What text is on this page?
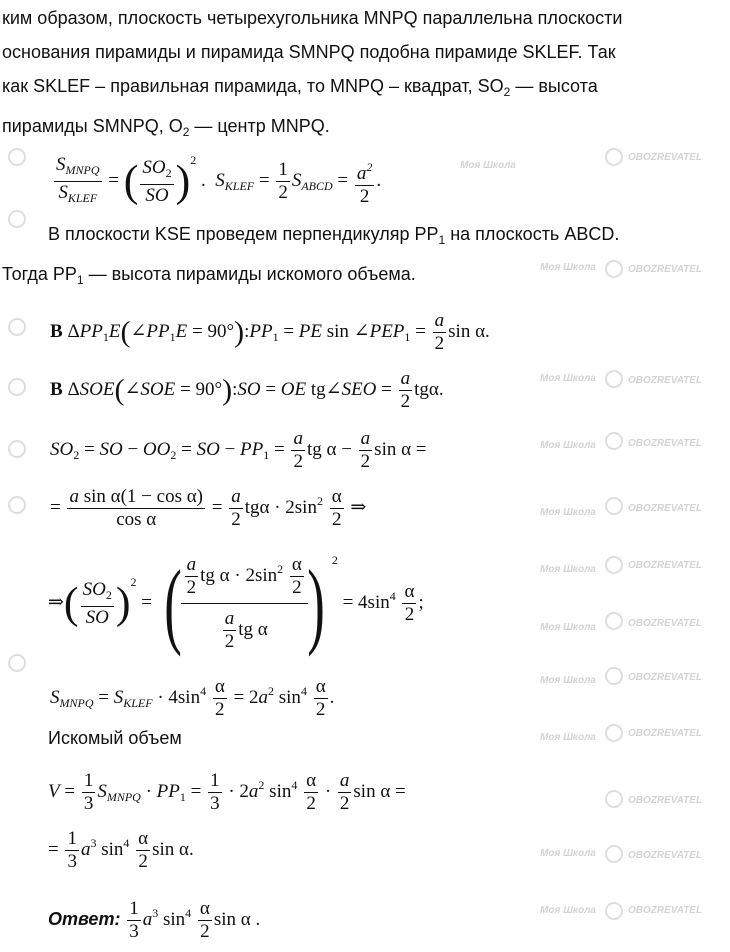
Моя Школа
OBOZREVATEL
Моя Школа	OBOZREVATEL
Моя Школа	OBOZREVATEL
Моя Школа	OBOZREVATEL
Моя Школа	OBOZREVATEL
Моя Школа	OBOZREVATEL
Моя Школа	OBOZREVATEL
Моя Школа	OBOZREVATEL
Моя Школа	OBOZREVATEL
OBOZREVATEL
Моя Школа	OBOZREVATEL
Моя Школа	OBOZREVATEL
ким образом, плоскость четырехугольника MNPQ параллельна плоскости
основания пирамиды и пирамида SMNPQ подобна пирамиде SKLEF. Так
как SKLEF – правильная пирамида, то MNPQ – квадрат, $SO_2$ — высота
пирамиды SMNPQ, $O_2$ — центр MNPQ.
$\frac{S_{MNPQ}}{S_{KLEF}}$ = ( $\frac{SO_2}{SO} )^2$ .  $S_{KLEF} = \frac{1}{2} S_{ABCD} = \frac{a^2}{2}$ .
В плоскости KSE проведем перпендикуляр $PP_1$ на плоскость ABCD.
Тогда $PP_1$ — высота пирамиды искомого объема.
В $\Delta PP_1E(\angle PP_1E$ = $90^\circ):PP_1$ = PE $\sin \angle PEP_1 = \frac{a}{2}$ sin α.
В ΔSOE(∠SOE = 90°):SO = OE tg∠SEO = $\frac{a}{2} tg\alpha$.
$SO_2$ = SO − $OO_2$ = SO − $PP_1 = \frac{a}{2}$ tg $\alpha - \frac{a}{2}$ sin α =
= $\frac{\text{a sin α(1 − cos α)}}{\text{cos α}} = \frac{a}{2}$ $tg\alpha \cdot 2\sin^2 \frac{\alpha}{2}$ ⇒
⇒( $\frac{SO_2}{SO} )^2$ = ( $\frac{\frac{a}{2} tg \alpha \cdot 2\sin^2 \frac{\alpha}{2}}{\frac{a}{2} tg \alpha}$ ) $^2 = 4\sin^4 \frac{\alpha}{2}$ ;
$S_{MNPQ} = S_{KLEF} \cdot 4\sin^4 \frac{\alpha}{2} = 2a^2$ $\sin^4 \frac{\alpha}{2}$ .
Искомый объем
$V = \frac{1}{3} S_{MNPQ} \cdot PP_1 = \frac{1}{3} \cdot 2a^2$ $\sin^4 \frac{\alpha}{2} \cdot \frac{a}{2}$ sin α =
= $\frac{1}{3} a^3$ $\sin^4 \frac{\alpha}{2}$ sin α.
Ответ: $\frac{1}{3} a^3$ $\sin^4 \frac{\alpha}{2}$ sin α .
